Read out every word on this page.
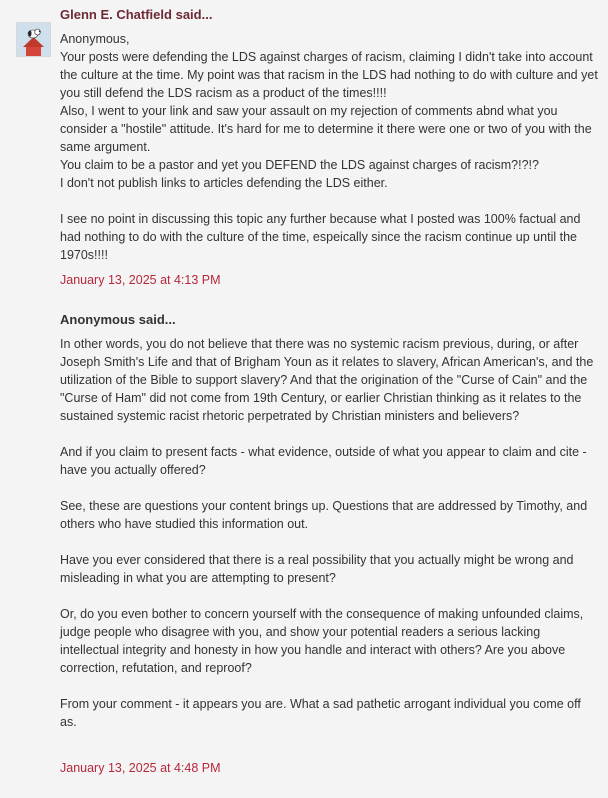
Glenn E. Chatfield said...

Anonymous,

Your posts were defending the LDS against charges of racism, claiming I didn't take into account the culture at the time. My point was that racism in the LDS had nothing to do with culture and yet you still defend the LDS racism as a product of the times!!!!

Also, I went to your link and saw your assault on my rejection of comments abnd what you consider a "hostile" attitude. It's hard for me to determine it there were one or two of you with the same argument.

You claim to be a pastor and yet you DEFEND the LDS against charges of racism?!?!?

I don't not publish links to articles defending the LDS either.

I see no point in discussing this topic any further because what I posted was 100% factual and had nothing to do with the culture of the time, espeically since the racism continue up until the 1970s!!!!

January 13, 2025 at 4:13 PM
Anonymous said...

In other words, you do not believe that there was no systemic racism previous, during, or after Joseph Smith's Life and that of Brigham Youn as it relates to slavery, African American's, and the utilization of the Bible to support slavery? And that the origination of the "Curse of Cain" and the "Curse of Ham" did not come from 19th Century, or earlier Christian thinking as it relates to the sustained systemic racist rhetoric perpetrated by Christian ministers and believers?

And if you claim to present facts - what evidence, outside of what you appear to claim and cite - have you actually offered?

See, these are questions your content brings up. Questions that are addressed by Timothy, and others who have studied this information out.

Have you ever considered that there is a real possibility that you actually might be wrong and misleading in what you are attempting to present?

Or, do you even bother to concern yourself with the consequence of making unfounded claims, judge people who disagree with you, and show your potential readers a serious lacking intellectual integrity and honesty in how you handle and interact with others? Are you above correction, refutation, and reproof?

From your comment - it appears you are. What a sad pathetic arrogant individual you come off as.

January 13, 2025 at 4:48 PM
